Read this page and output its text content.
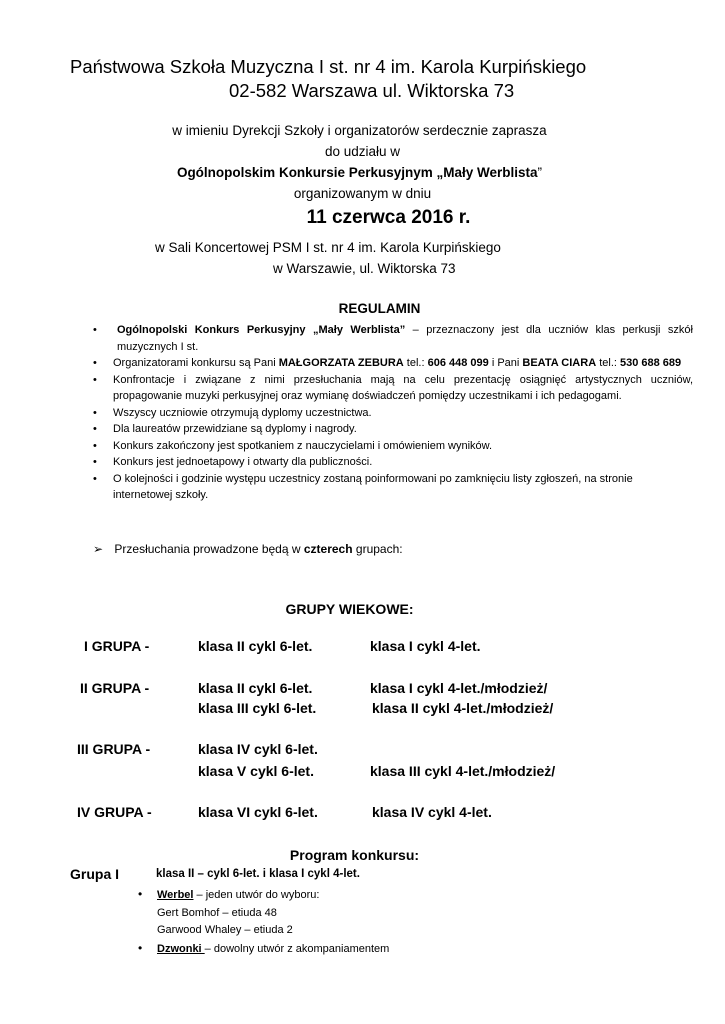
Państwowa Szkoła Muzyczna I st. nr 4 im. Karola Kurpińskiego
02-582 Warszawa ul. Wiktorska 73
w imieniu Dyrekcji Szkoły i organizatorów serdecznie zaprasza
do udziału w
Ogólnopolskim Konkursie Perkusyjnym „Mały Werblista”
organizowanym w dniu
11 czerwca 2016 r.
w Sali Koncertowej PSM I st. nr 4 im. Karola Kurpińskiego
w Warszawie, ul. Wiktorska 73
REGULAMIN
• Ogólnopolski Konkurs Perkusyjny „Mały Werblista” – przeznaczony jest dla uczniów klas perkusji szkół muzycznych I st.
• Organizatorami konkursu są Pani MAŁGORZATA ZEBURA tel.: 606 448 099 i Pani BEATA CIARA tel.: 530 688 689
• Konfrontacje i związane z nimi przesłuchania mają na celu prezentację osiągnięć artystycznych uczniów, propagowanie muzyki perkusyjnej oraz wymianę doświadczeń pomiędzy uczestnikami i ich pedagogami.
• Wszyscy uczniowie otrzymują dyplomy uczestnictwa.
• Dla laureatów przewidziane są dyplomy i nagrody.
• Konkurs zakończony jest spotkaniem z nauczycielami i omówieniem wyników.
• Konkurs jest jednoetapowy i otwarty dla publiczności.
• O kolejności i godzinie występu uczestnicy zostaną poinformowani po zamknięciu listy zgłoszeń, na stronie internetowej szkoły.
➢ Przesłuchania prowadzone będą w czterech grupach:
GRUPY WIEKOWE:
I GRUPA -	klasa II cykl 6-let.	klasa I cykl 4-let.
II GRUPA -	klasa II cykl 6-let.	klasa I cykl 4-let./młodzież/
klasa III cykl 6-let.	klasa II cykl 4-let./młodzież/
III GRUPA -	klasa IV cykl 6-let.
klasa V cykl 6-let.	klasa III cykl 4-let./młodzież/
IV GRUPA -	klasa VI cykl 6-let.	klasa IV cykl 4-let.
Program konkursu:
Grupa I	klasa II – cykl 6-let. i klasa I cykl 4-let.
• Werbel – jeden utwór do wyboru:
Gert Bomhof – etiuda 48
Garwood Whaley – etiuda 2
• Dzwonki – dowolny utwór z akompaniamentem
